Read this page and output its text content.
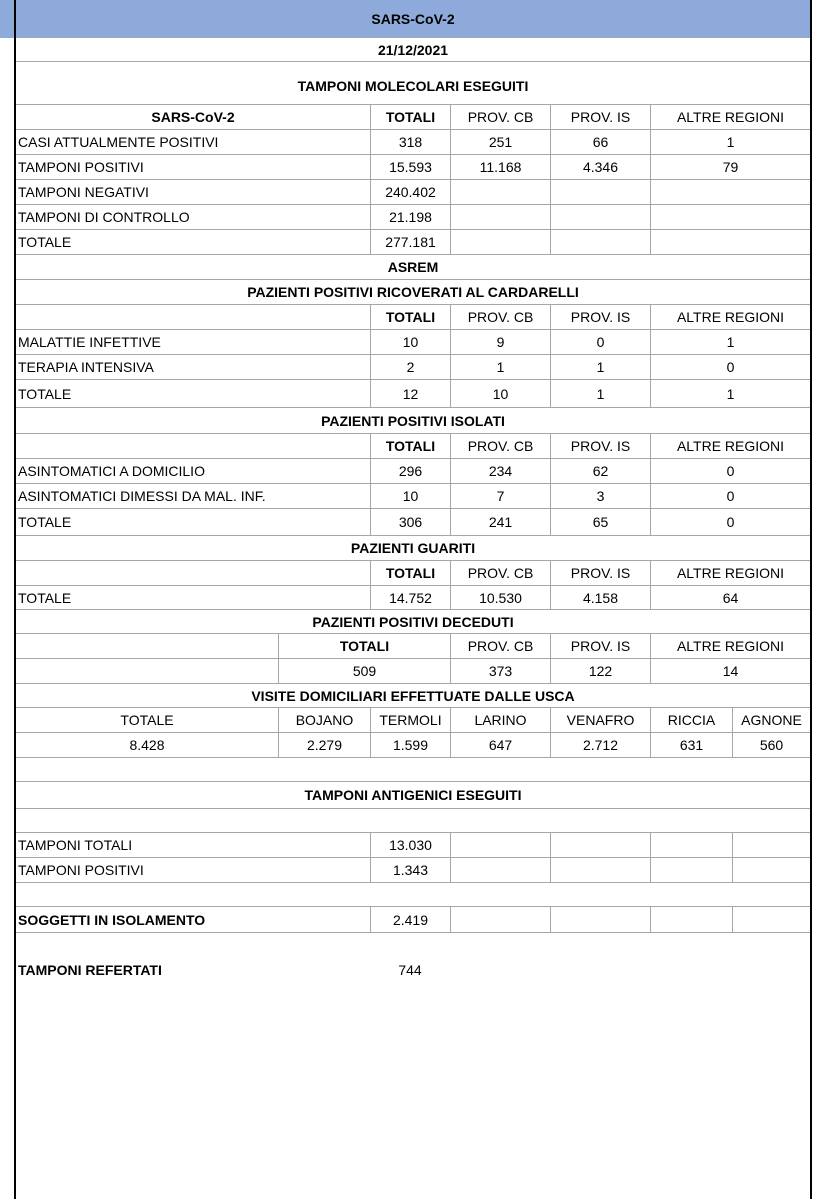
SARS-CoV-2
21/12/2021
TAMPONI MOLECOLARI ESEGUITI
SARS-CoV-2	TOTALI	PROV. CB	PROV. IS	ALTRE REGIONI
CASI ATTUALMENTE POSITIVI	318	251	66	1
TAMPONI POSITIVI	15.593	11.168	4.346	79
TAMPONI NEGATIVI	240.402
TAMPONI DI CONTROLLO	21.198
TOTALE	277.181
ASREM
PAZIENTI POSITIVI RICOVERATI AL CARDARELLI
TOTALI	PROV. CB	PROV. IS	ALTRE REGIONI
MALATTIE INFETTIVE	10	9	0	1
TERAPIA INTENSIVA	2	1	1	0
TOTALE	12	10	1	1
PAZIENTI POSITIVI ISOLATI
TOTALI	PROV. CB	PROV. IS	ALTRE REGIONI
ASINTOMATICI A DOMICILIO	296	234	62	0
ASINTOMATICI DIMESSI DA MAL. INF.	10	7	3	0
TOTALE	306	241	65	0
PAZIENTI GUARITI
TOTALI	PROV. CB	PROV. IS	ALTRE REGIONI
TOTALE	14.752	10.530	4.158	64
PAZIENTI POSITIVI DECEDUTI
TOTALI	PROV. CB	PROV. IS	ALTRE REGIONI
509	373	122	14
VISITE DOMICILIARI EFFETTUATE DALLE USCA
TOTALE	BOJANO	TERMOLI	LARINO	VENAFRO	RICCIA	AGNONE
8.428	2.279	1.599	647	2.712	631	560
TAMPONI ANTIGENICI ESEGUITI
TAMPONI TOTALI	13.030
TAMPONI POSITIVI	1.343
SOGGETTI IN ISOLAMENTO	2.419
TAMPONI REFERTATI	744
